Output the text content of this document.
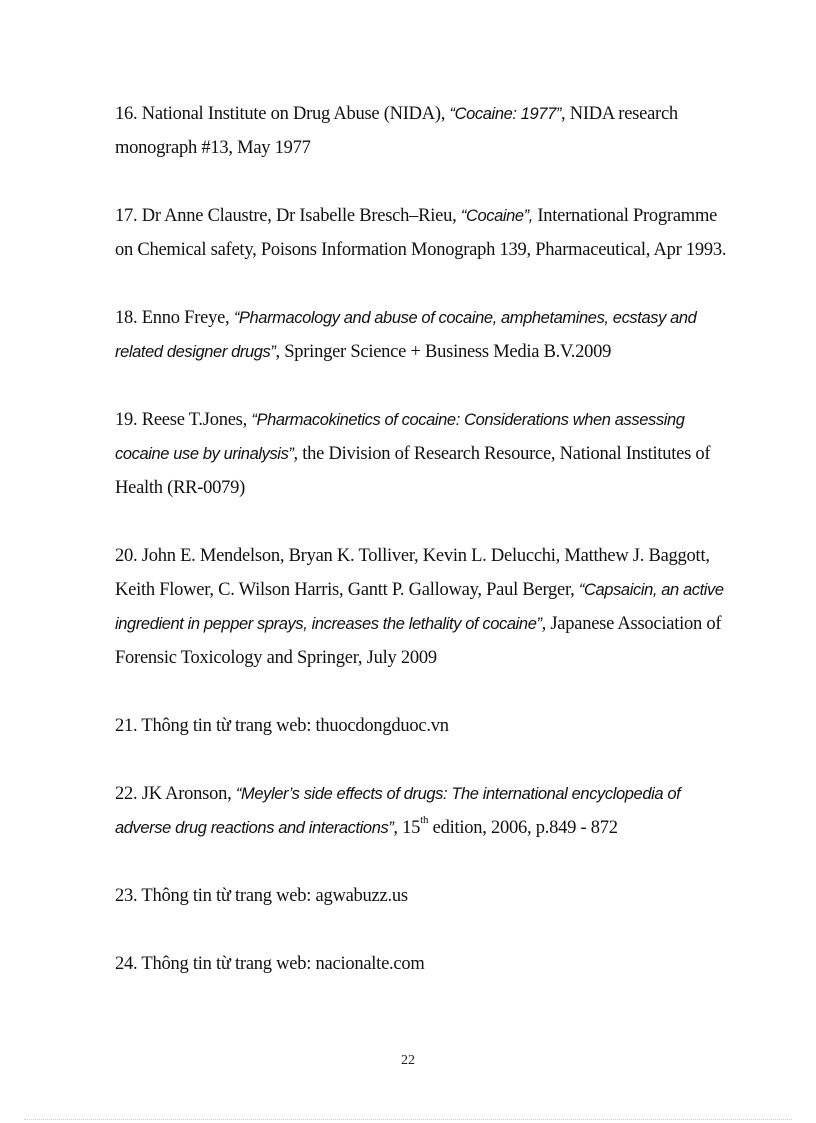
16. National Institute on Drug Abuse (NIDA), “Cocaine: 1977”, NIDA research monograph #13, May 1977

17. Dr Anne Claustre, Dr Isabelle Bresch–Rieu, “Cocaine”, International Programme on Chemical safety, Poisons Information Monograph 139, Pharmaceutical, Apr 1993.

18. Enno Freye, “Pharmacology and abuse of cocaine, amphetamines, ecstasy and related designer drugs”, Springer Science + Business Media B.V.2009

19. Reese T.Jones, “Pharmacokinetics of cocaine: Considerations when assessing cocaine use by urinalysis”, the Division of Research Resource, National Institutes of Health (RR-0079)

20. John E. Mendelson, Bryan K. Tolliver, Kevin L. Delucchi, Matthew J. Baggott, Keith Flower, C. Wilson Harris, Gantt P. Galloway, Paul Berger, “Capsaicin, an active ingredient in pepper sprays, increases the lethality of cocaine”, Japanese Association of Forensic Toxicology and Springer, July 2009

21. Thông tin từ trang web: thuocdongduoc.vn

22. JK Aronson, “Meyler’s side effects of drugs: The international encyclopedia of adverse drug reactions and interactions”, 15th edition, 2006, p.849 - 872

23. Thông tin từ trang web: agwabuzz.us

24. Thông tin từ trang web: nacionalte.com

22
